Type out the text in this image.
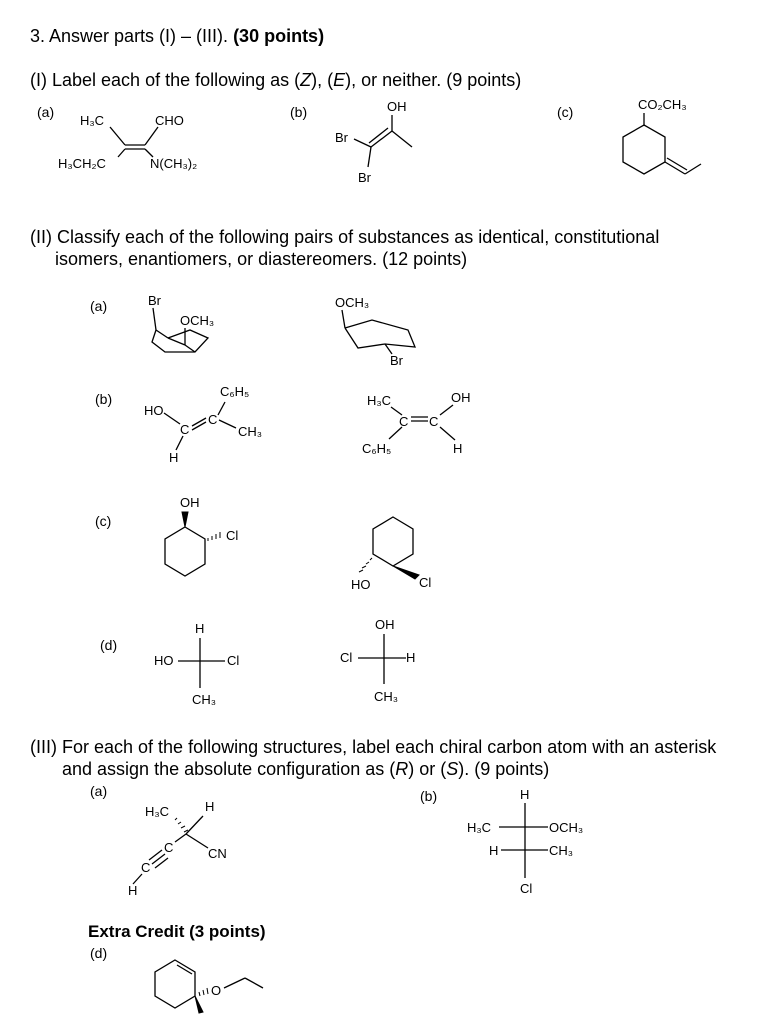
3. Answer parts (I) – (III). (30 points)
(I) Label each of the following as (Z), (E), or neither. (9 points)
(a)	(b)	(c)
H₃C	CHO
H₃CH₂C	N(CH₃)₂
OH
Br
Br
CO₂CH₃
(II) Classify each of the following pairs of substances as identical, constitutional
isomers, enantiomers, or diastereomers. (12 points)
(a)
(b)
(c)
(d)
Br
OCH₃
OCH₃
Br
C₆H₅
HO
C
C
CH₃
H
H₃C	OH
C C
C₆H₅	H
OH
Cl
HO	Cl
H
HO	Cl
CH₃
OH
Cl	H
CH₃
(III) For each of the following structures, label each chiral carbon atom with an asterisk
and assign the absolute configuration as (R) or (S). (9 points)
(a)	(b)
H₃C	H
CN
C
C
H
H
H₃C	OCH₃
H	CH₃
Cl
Extra Credit (3 points)
(d)
O
